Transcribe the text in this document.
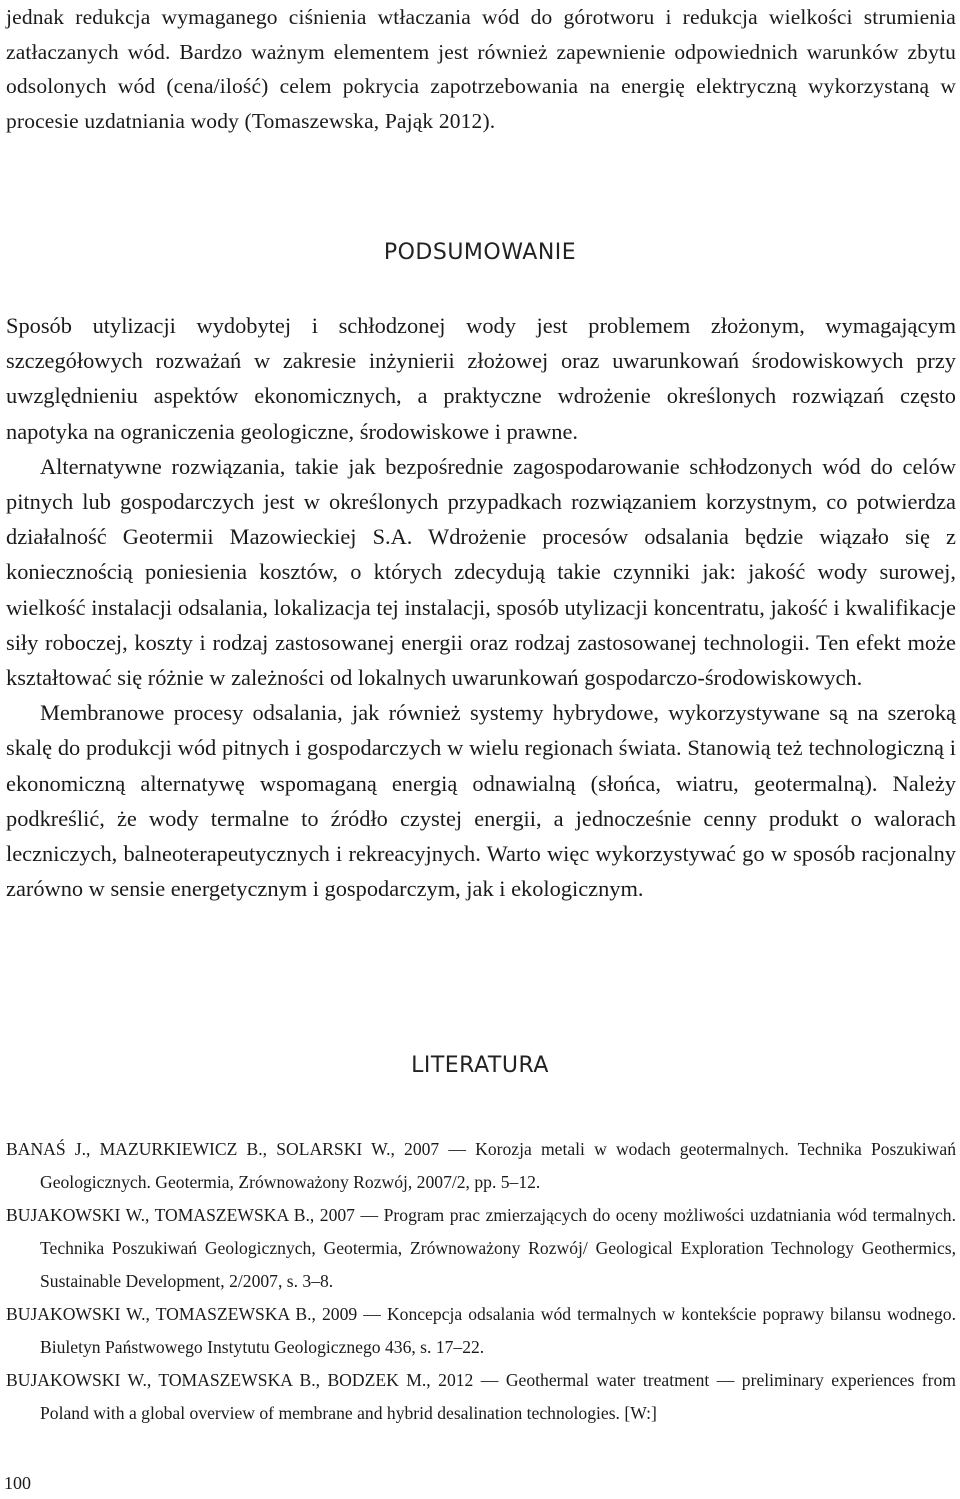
jednak redukcja wymaganego ciśnienia wtłaczania wód do górotworu i redukcja wielkości strumienia zatłaczanych wód. Bardzo ważnym elementem jest również zapewnienie odpowiednich warunków zbytu odsolonych wód (cena/ilość) celem pokrycia zapotrzebowania na energię elektryczną wykorzystaną w procesie uzdatniania wody (Tomaszewska, Pająk 2012).

PODSUMOWANIE

Sposób utylizacji wydobytej i schłodzonej wody jest problemem złożonym, wymagającym szczegółowych rozważań w zakresie inżynierii złożowej oraz uwarunkowań środowiskowych przy uwzględnieniu aspektów ekonomicznych, a praktyczne wdrożenie określonych rozwiązań często napotyka na ograniczenia geologiczne, środowiskowe i prawne.

Alternatywne rozwiązania, takie jak bezpośrednie zagospodarowanie schłodzonych wód do celów pitnych lub gospodarczych jest w określonych przypadkach rozwiązaniem korzystnym, co potwierdza działalność Geotermii Mazowieckiej S.A. Wdrożenie procesów odsalania będzie wiązało się z koniecznością poniesienia kosztów, o których zdecydują takie czynniki jak: jakość wody surowej, wielkość instalacji odsalania, lokalizacja tej instalacji, sposób utylizacji koncentratu, jakość i kwalifikacje siły roboczej, koszty i rodzaj zastosowanej energii oraz rodzaj zastosowanej technologii. Ten efekt może kształtować się różnie w zależności od lokalnych uwarunkowań gospodarczo-środowiskowych.

Membranowe procesy odsalania, jak również systemy hybrydowe, wykorzystywane są na szeroką skalę do produkcji wód pitnych i gospodarczych w wielu regionach świata. Stanowią też technologiczną i ekonomiczną alternatywę wspomaganą energią odnawialną (słońca, wiatru, geotermalną). Należy podkreślić, że wody termalne to źródło czystej energii, a jednocześnie cenny produkt o walorach leczniczych, balneoterapeutycznych i rekreacyjnych. Warto więc wykorzystywać go w sposób racjonalny zarówno w sensie energetycznym i gospodarczym, jak i ekologicznym.

LITERATURA

BANAŚ J., MAZURKIEWICZ B., SOLARSKI W., 2007 — Korozja metali w wodach geotermalnych. Technika Poszukiwań Geologicznych. Geotermia, Zrównoważony Rozwój, 2007/2, pp. 5–12.

BUJAKOWSKI W., TOMASZEWSKA B., 2007 — Program prac zmierzających do oceny możliwości uzdatniania wód termalnych. Technika Poszukiwań Geologicznych, Geotermia, Zrównoważony Rozwój/ Geological Exploration Technology Geothermics, Sustainable Development, 2/2007, s. 3–8.

BUJAKOWSKI W., TOMASZEWSKA B., 2009 — Koncepcja odsalania wód termalnych w kontekście poprawy bilansu wodnego. Biuletyn Państwowego Instytutu Geologicznego 436, s. 17–22.

BUJAKOWSKI W., TOMASZEWSKA B., BODZEK M., 2012 — Geothermal water treatment — preliminary experiences from Poland with a global overview of membrane and hybrid desalination technologies. [W:]

100
